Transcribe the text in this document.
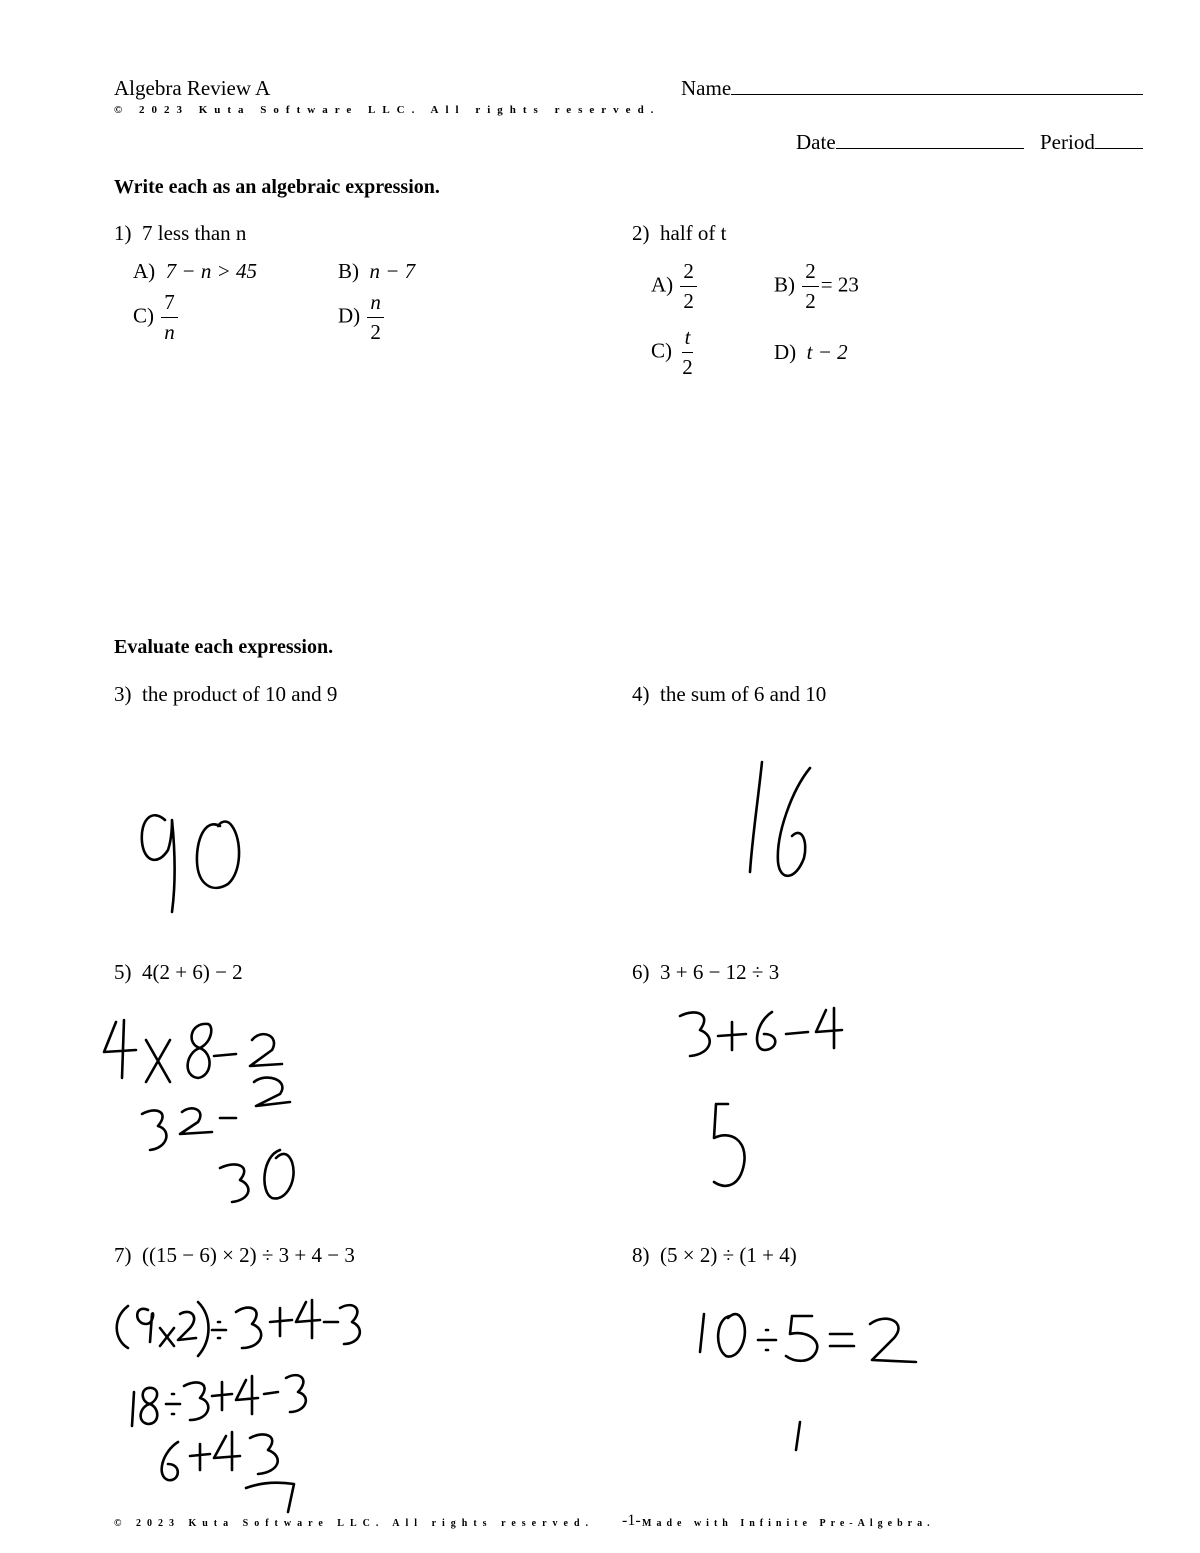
Algebra Review A
© 2023 Kuta Software LLC. All rights reserved.
Name
Date	Period
Write each as an algebraic expression.
1) 7 less than n
A) 7 − n > 45	B) n − 7
$C) \frac{7}{n}$	$D) \frac{n}{2}$
2) half of t
$A) \frac{2}{2}$	$B) \frac{2}{2} = 23$
$C) \frac{t}{2}$	D) t − 2
Evaluate each expression.
3) the product of 10 and 9	4) the sum of 6 and 10
5) 4(2 + 6) − 2	6) 3 + 6 − 12 ÷ 3
7) ((15 − 6) × 2) ÷ 3 + 4 − 3	8) (5 × 2) ÷ (1 + 4)
© 2023 Kuta Software LLC. All rights reserved. -1- Made with Infinite Pre-Algebra.
